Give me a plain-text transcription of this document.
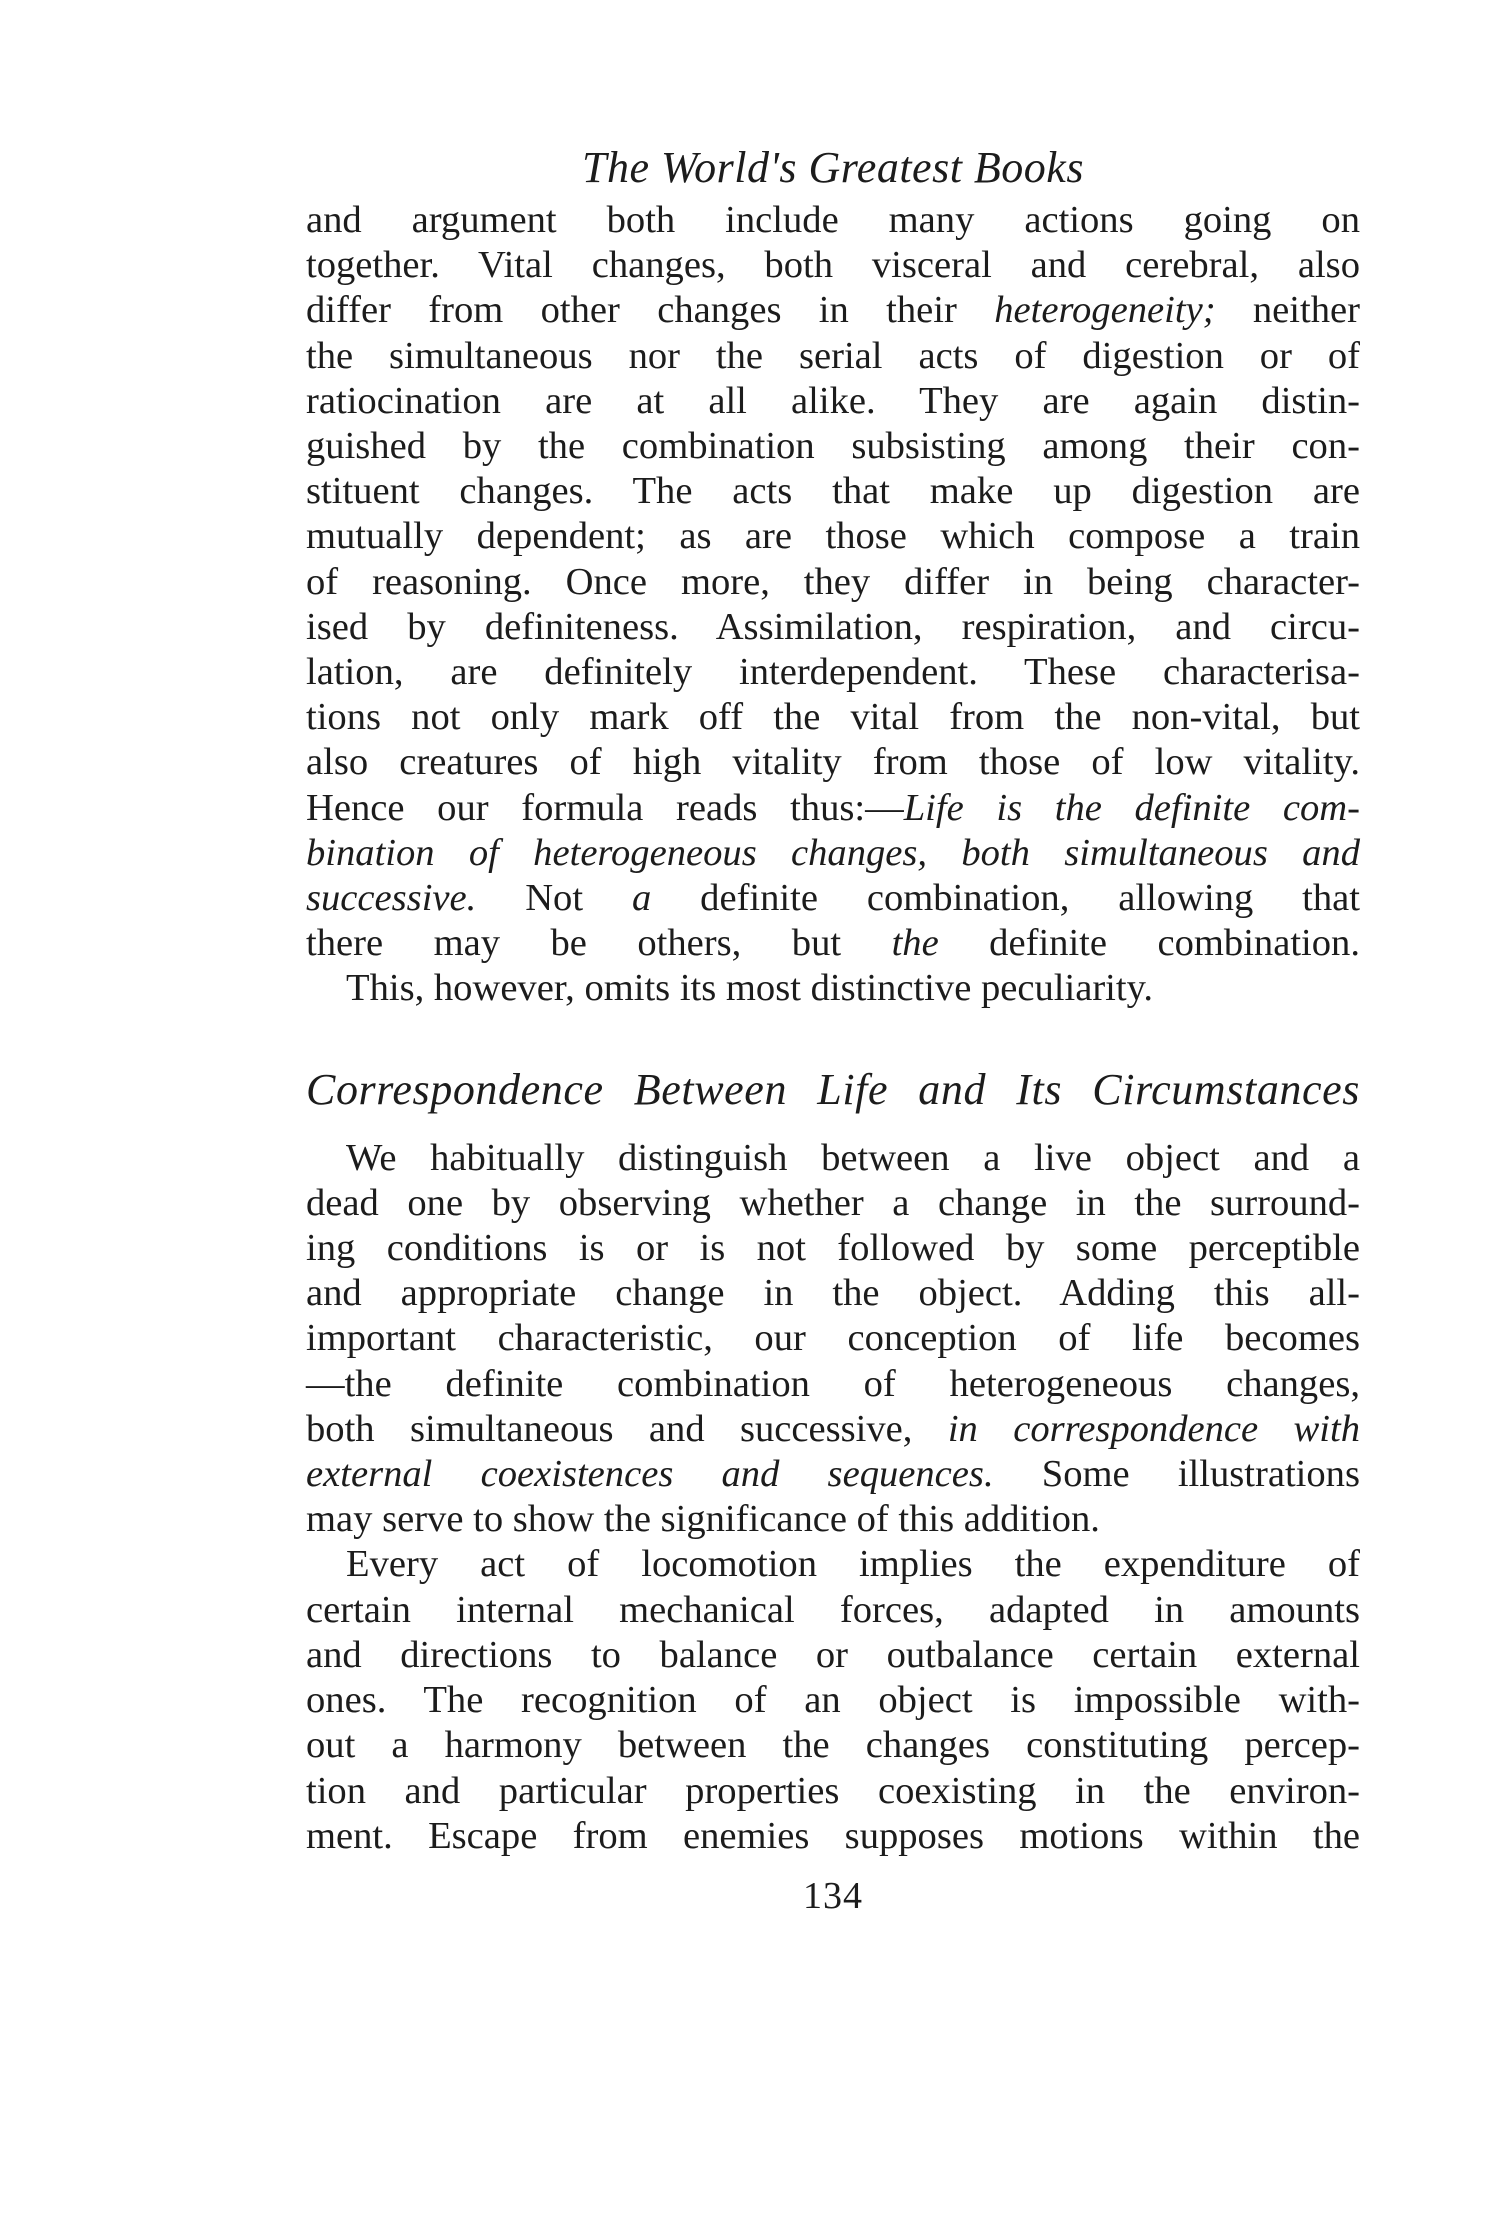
The World's Greatest Books
and argument both include many actions going on
together. Vital changes, both visceral and cerebral, also
differ from other changes in their heterogeneity; neither
the simultaneous nor the serial acts of digestion or of
ratiocination are at all alike. They are again distin-
guished by the combination subsisting among their con-
stituent changes. The acts that make up digestion are
mutually dependent; as are those which compose a train
of reasoning. Once more, they differ in being character-
ised by definiteness. Assimilation, respiration, and circu-
lation, are definitely interdependent. These characterisa-
tions not only mark off the vital from the non-vital, but
also creatures of high vitality from those of low vitality.
Hence our formula reads thus:—Life is the definite com-
bination of heterogeneous changes, both simultaneous and
successive. Not a definite combination, allowing that
there may be others, but the definite combination.
This, however, omits its most distinctive peculiarity.
Correspondence Between Life and Its Circumstances
We habitually distinguish between a live object and a
dead one by observing whether a change in the surround-
ing conditions is or is not followed by some perceptible
and appropriate change in the object. Adding this all-
important characteristic, our conception of life becomes
—the definite combination of heterogeneous changes,
both simultaneous and successive, in correspondence with
external coexistences and sequences. Some illustrations
may serve to show the significance of this addition.
Every act of locomotion implies the expenditure of
certain internal mechanical forces, adapted in amounts
and directions to balance or outbalance certain external
ones. The recognition of an object is impossible with-
out a harmony between the changes constituting percep-
tion and particular properties coexisting in the environ-
ment. Escape from enemies supposes motions within the
134
